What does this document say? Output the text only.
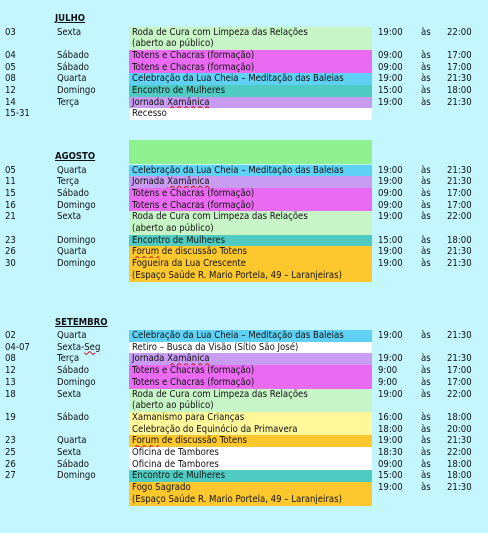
JULHO
03	Sexta	Roda de Cura com Limpeza das Relações	19:00	às	22:00
(aberto ao público)
04	Sábado	Totens e Chacras (formação)	09:00	às	17:00
05	Sábado	Totens e Chacras (formação)	09:00	às	17:00
08	Quarta	Celebração da Lua Cheia – Meditação das Baleias	19:00	às	21:30
12	Domingo	Encontro de Mulheres	15:00	às	18:00
14	Terça	Jornada Xamânica	19:00	às	21:30
15-31	Recesso
AGOSTO
05	Quarta	Celebração da Lua Cheia – Meditação das Baleias	19:00	às	21:30
11	Terça	Jornada Xamânica	19:00	às	21:30
15	Sábado	Totens e Chacras (formação)	09:00	às	17:00
16	Domingo	Totens e Chacras (formação)	09:00	às	17:00
21	Sexta	Roda de Cura com Limpeza das Relações	19:00	às	22:00
(aberto ao público)
23	Domingo	Encontro de Mulheres	15:00	às	18:00
26	Quarta	Forum de discussão Totens	19:00	às	21:30
30	Domingo	Fogueira da Lua Crescente	19:00	às	21:30
(Espaço Saúde R. Mario Portela, 49 – Laranjeiras)
SETEMBRO
02	Quarta	Celebração da Lua Cheia – Meditação das Baleias	19:00	às	21:30
04-07	Sexta-Seg	Retiro – Busca da Visão (Sítio São José)
08	Terça	Jornada Xamânica	19:00	às	21:30
12	Sábado	Totens e Chacras (formação)	9:00	às	17:00
13	Domingo	Totens e Chacras (formação)	9:00	às	17:00
18	Sexta	Roda de Cura com Limpeza das Relações	19:00	às	22:00
(aberto ao público)
19	Sábado	Xamanismo para Crianças	16:00	às	18:00
Celebração do Equinócio da Primavera	18:00	às	20:00
23	Quarta	Forum de discussão Totens	19:00	às	21:30
25	Sexta	Oficina de Tambores	18:30	às	22:00
26	Sábado	Oficina de Tambores	09:00	às	18:00
27	Domingo	Encontro de Mulheres	15:00	às	18:00
Fogo Sagrado	19:00	às	21:30
(Espaço Saúde R. Mario Portela, 49 – Laranjeiras)
